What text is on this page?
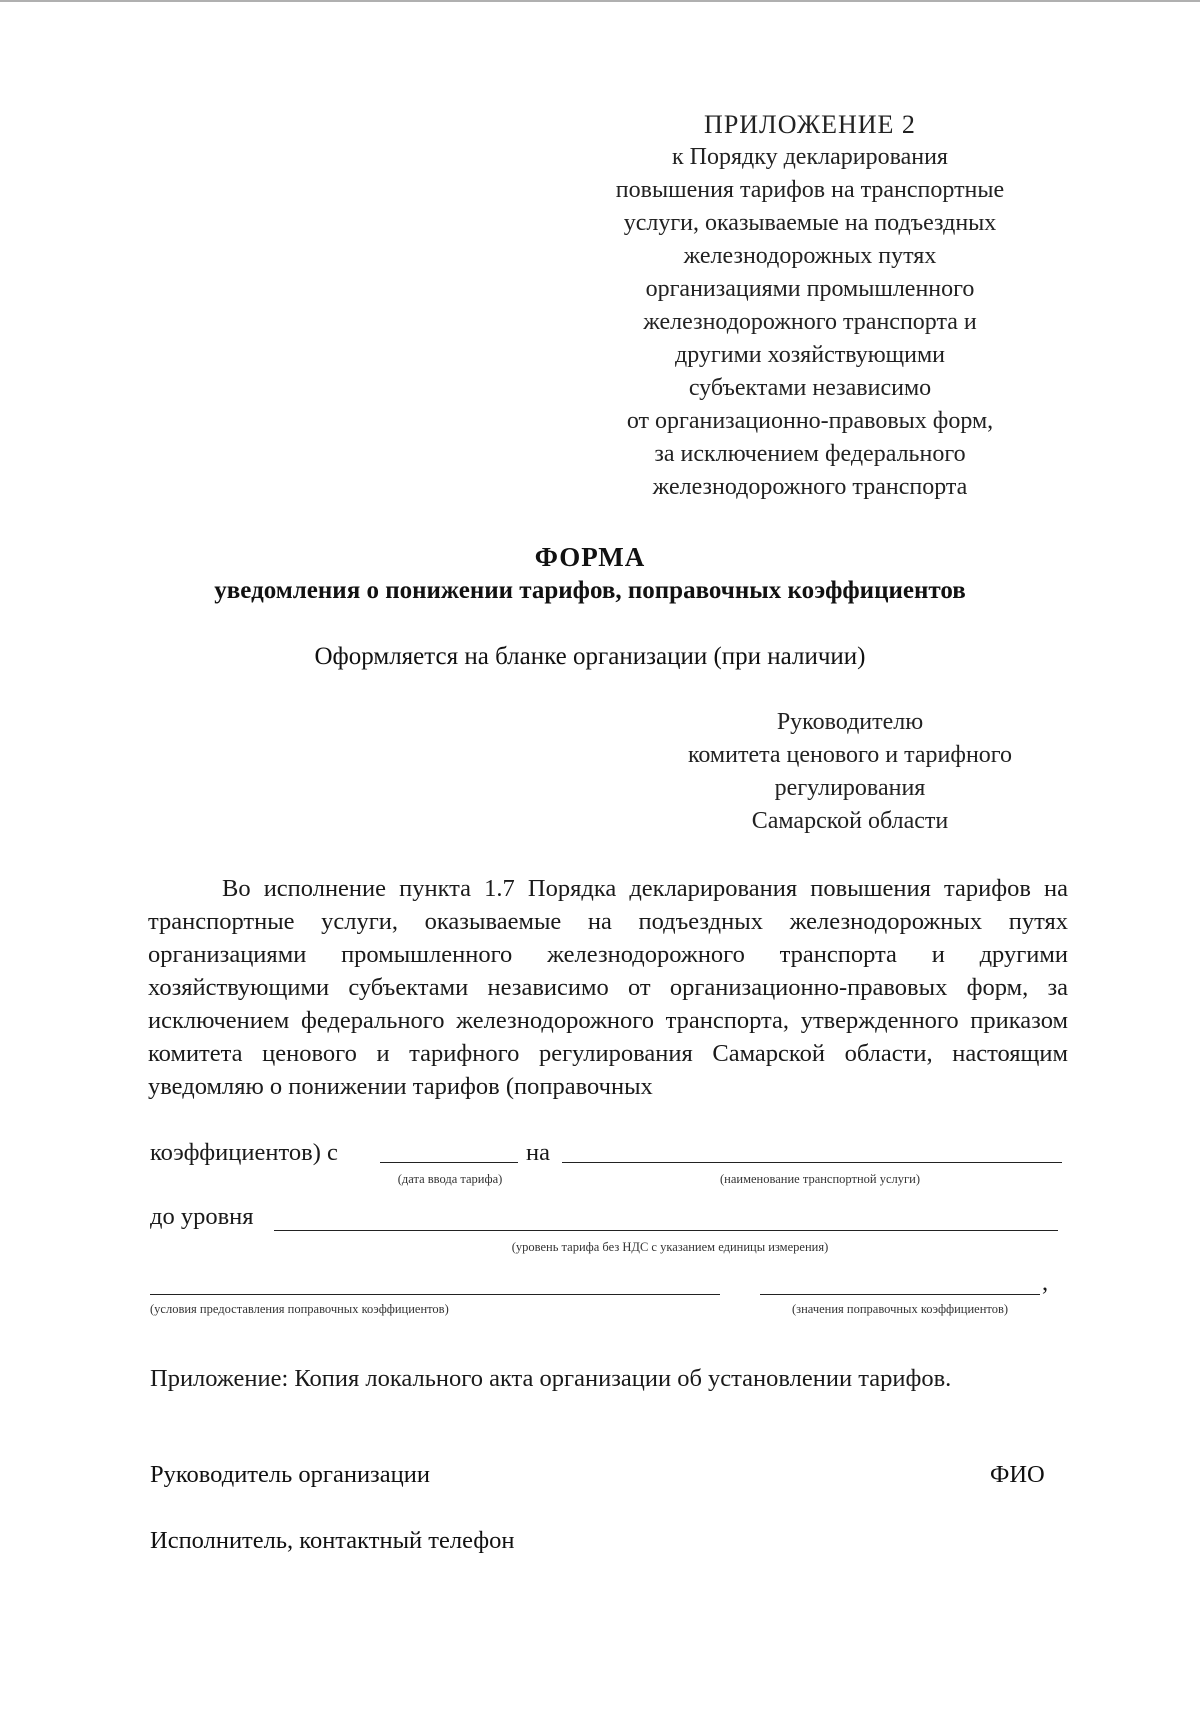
ПРИЛОЖЕНИЕ 2
к Порядку декларирования
повышения тарифов на транспортные
услуги, оказываемые на подъездных
железнодорожных путях
организациями промышленного
железнодорожного транспорта и
другими хозяйствующими
субъектами независимо
от организационно-правовых форм,
за исключением федерального
железнодорожного транспорта
ФОРМА
уведомления о понижении тарифов, поправочных коэффициентов
Оформляется на бланке организации (при наличии)
Руководителю
комитета ценового и тарифного
регулирования
Самарской области
Во исполнение пункта 1.7 Порядка декларирования повышения тарифов на транспортные услуги, оказываемые на подъездных железнодорожных путях организациями промышленного железнодорожного транспорта и другими хозяйствующими субъектами независимо от организационно-правовых форм, за исключением федерального железнодорожного транспорта, утвержденного приказом комитета ценового и тарифного регулирования Самарской области, настоящим уведомляю о понижении тарифов (поправочных
коэффициентов) с	на
(дата ввода тарифа)	(наименование транспортной услуги)
до уровня
(уровень тарифа без НДС с указанием единицы измерения)
,
(условия предоставления поправочных коэффициентов)	(значения поправочных коэффициентов)
Приложение: Копия локального акта организации об установлении тарифов.
Руководитель организации	ФИО
Исполнитель, контактный телефон
